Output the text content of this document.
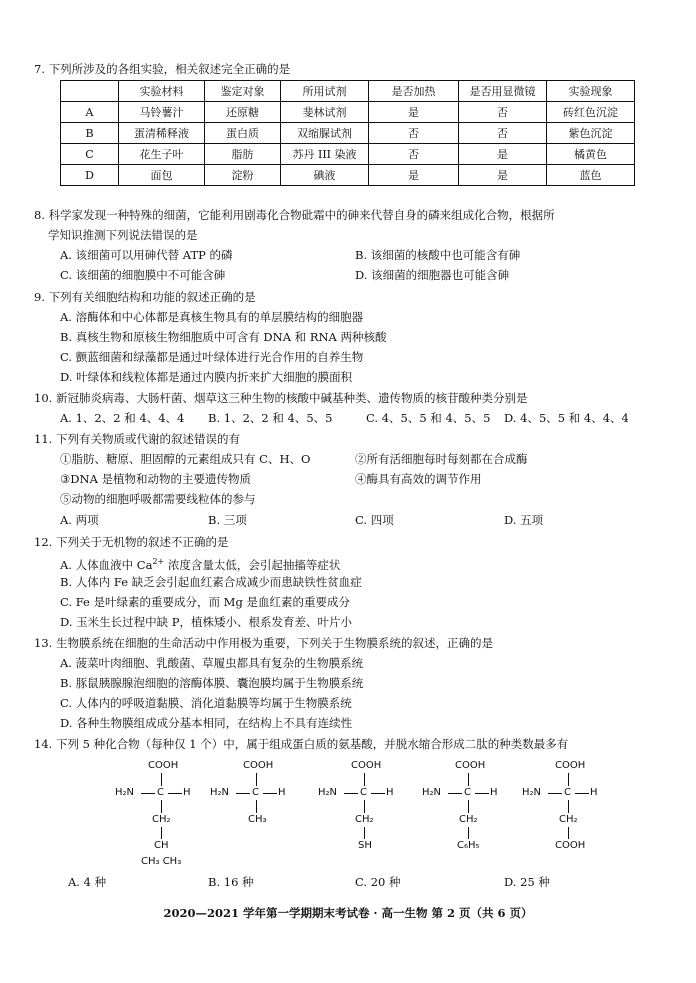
7. 下列所涉及的各组实验，相关叙述完全正确的是
	实验材料	鉴定对象	所用试剂	是否加热	是否用显微镜	实验现象
A	马铃薯汁	还原糖	斐林试剂	是	否	砖红色沉淀
B	蛋清稀释液	蛋白质	双缩脲试剂	否	否	紫色沉淀
C	花生子叶	脂肪	苏丹 III 染液	否	是	橘黄色
D	面包	淀粉	碘液	是	是	蓝色
8. 科学家发现一种特殊的细菌，它能利用剧毒化合物砒霜中的砷来代替自身的磷来组成化合物，根据所
学知识推测下列说法错误的是
A. 该细菌可以用砷代替 ATP 的磷	B. 该细菌的核酸中也可能含有砷
C. 该细菌的细胞膜中不可能含砷	D. 该细菌的细胞器也可能含砷
9. 下列有关细胞结构和功能的叙述正确的是
A. 溶酶体和中心体都是真核生物具有的单层膜结构的细胞器
B. 真核生物和原核生物细胞质中可含有 DNA 和 RNA 两种核酸
C. 颤蓝细菌和绿藻都是通过叶绿体进行光合作用的自养生物
D. 叶绿体和线粒体都是通过内膜内折来扩大细胞的膜面积
10. 新冠肺炎病毒、大肠杆菌、烟草这三种生物的核酸中碱基种类、遗传物质的核苷酸种类分别是
A. 1、2、2 和 4、4、4 B. 1、2、2 和 4、5、5	C. 4、5、5 和 4、5、5 D. 4、5、5 和 4、4、4
11. 下列有关物质或代谢的叙述错误的有
①脂肪、糖原、胆固醇的元素组成只有 C、H、O	②所有活细胞每时每刻都在合成酶
③DNA 是植物和动物的主要遗传物质	④酶具有高效的调节作用
⑤动物的细胞呼吸都需要线粒体的参与
A. 两项	B. 三项	C. 四项	D. 五项
12. 下列关于无机物的叙述不正确的是
A. 人体血液中 $Ca^{2+}$ 浓度含量太低，会引起抽搐等症状
B. 人体内 Fe 缺乏会引起血红素合成减少而患缺铁性贫血症
C. Fe 是叶绿素的重要成分，而 Mg 是血红素的重要成分
D. 玉米生长过程中缺 P，植株矮小、根系发育差、叶片小
13. 生物膜系统在细胞的生命活动中作用极为重要，下列关于生物膜系统的叙述，正确的是
A. 菠菜叶肉细胞、乳酸菌、草履虫都具有复杂的生物膜系统
B. 豚鼠胰腺腺泡细胞的溶酶体膜、囊泡膜均属于生物膜系统
C. 人体内的呼吸道黏膜、消化道黏膜等均属于生物膜系统
D. 各种生物膜组成成分基本相同，在结构上不具有连续性
14. 下列 5 种化合物（每种仅 1 个）中，属于组成蛋白质的氨基酸，并脱水缩合形成二肽的种类数最多有
COOH
H₂N C H
CH₂
CH
CH₃ CH₃
COOH
H₂N C H
CH₃
COOH
H₂N C H
CH₂
SH
COOH
H₂N C H
CH₂
C₆H₅
COOH
H₂N C H
CH₂
COOH
A. 4 种	B. 16 种	C. 20 种	D. 25 种
2020—2021 学年第一学期期末考试卷 · 高一生物 第 2 页（共 6 页）
